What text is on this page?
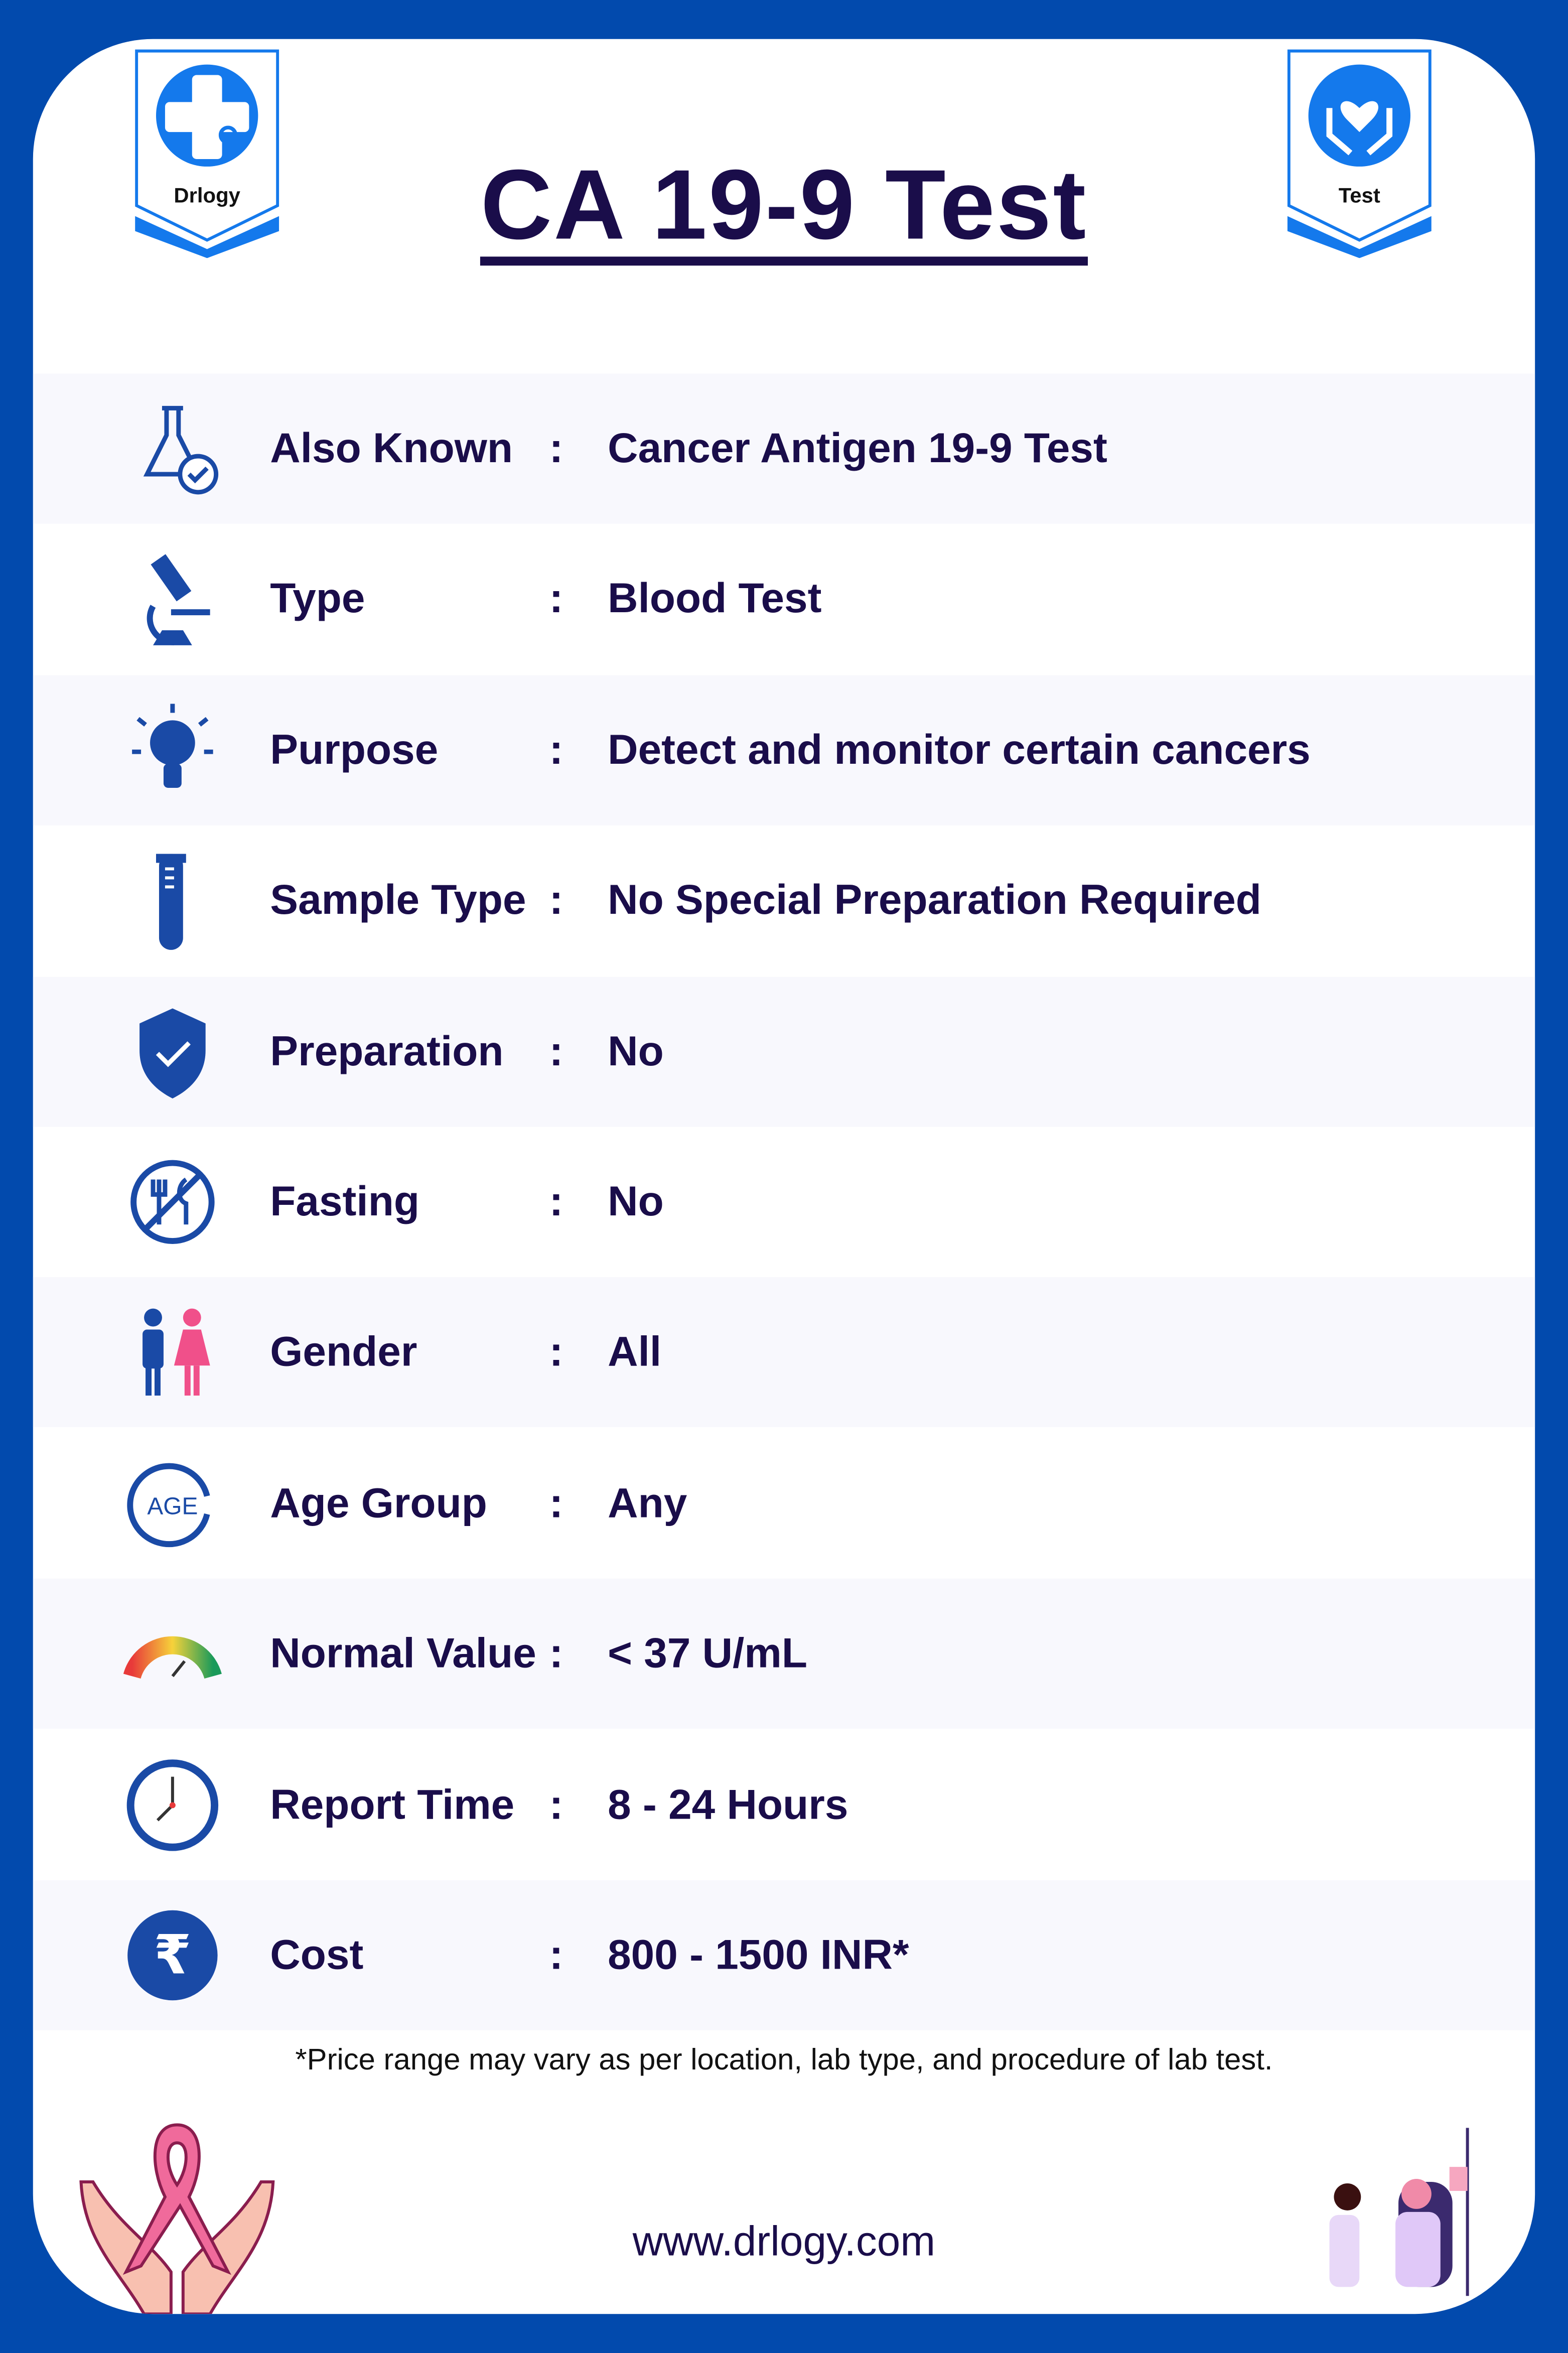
Drlogy	Test
CA 19-9 Test
Also Known	:	Cancer Antigen 19-9 Test
Type	:	Blood Test
Purpose	:	Detect and monitor certain cancers
Sample Type :	No Special Preparation Required
Preparation	:	No
Fasting	:	No
Gender	:	All
AGE	Age Group	:	Any
Normal Value :	< 37 U/mL
Report Time :	8 - 24 Hours
₹	Cost	:	800 - 1500 INR*
*Price range may vary as per location, lab type, and procedure of lab test.
www.drlogy.com
